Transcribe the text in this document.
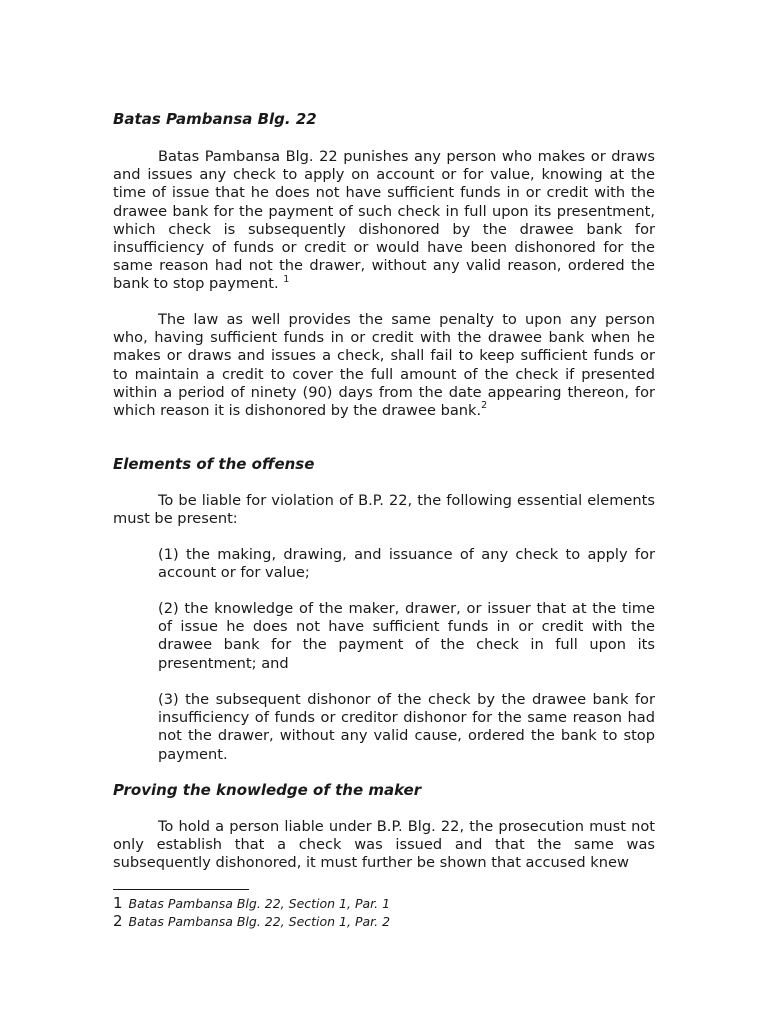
Batas Pambansa Blg. 22

Batas Pambansa Blg. 22 punishes any person who makes or draws and issues any check to apply on account or for value, knowing at the time of issue that he does not have sufficient funds in or credit with the drawee bank for the payment of such check in full upon its presentment, which check is subsequently dishonored by the drawee bank for insufficiency of funds or credit or would have been dishonored for the same reason had not the drawer, without any valid reason, ordered the bank to stop payment. $^1$

The law as well provides the same penalty to upon any person who, having sufficient funds in or credit with the drawee bank when he makes or draws and issues a check, shall fail to keep sufficient funds or to maintain a credit to cover the full amount of the check if presented within a period of ninety (90) days from the date appearing thereon, for which reason it is dishonored by the drawee bank.$^2$

Elements of the offense

To be liable for violation of B.P. 22, the following essential elements must be present:

(1) the making, drawing, and issuance of any check to apply for account or for value;

(2) the knowledge of the maker, drawer, or issuer that at the time of issue he does not have sufficient funds in or credit with the drawee bank for the payment of the check in full upon its presentment; and

(3) the subsequent dishonor of the check by the drawee bank for insufficiency of funds or creditor dishonor for the same reason had not the drawer, without any valid cause, ordered the bank to stop payment.

Proving the knowledge of the maker

To hold a person liable under B.P. Blg. 22, the prosecution must not only establish that a check was issued and that the same was subsequently dishonored, it must further be shown that accused knew

1 Batas Pambansa Blg. 22, Section 1, Par. 1

2 Batas Pambansa Blg. 22, Section 1, Par. 2
